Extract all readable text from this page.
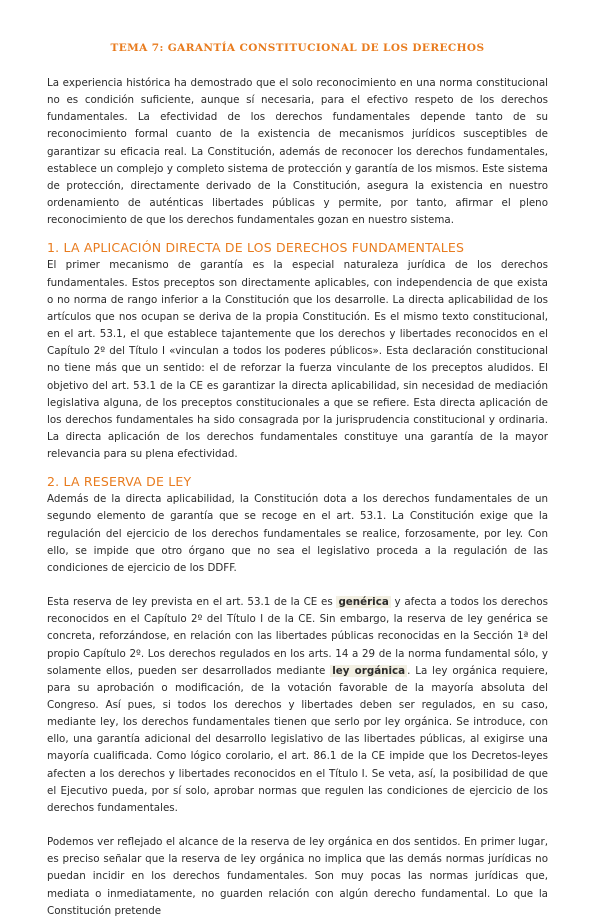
TEMA 7: GARANTÍA CONSTITUCIONAL DE LOS DERECHOS

La experiencia histórica ha demostrado que el solo reconocimiento en una norma constitucional no es condición suficiente, aunque sí necesaria, para el efectivo respeto de los derechos fundamentales. La efectividad de los derechos fundamentales depende tanto de su reconocimiento formal cuanto de la existencia de mecanismos jurídicos susceptibles de garantizar su eficacia real. La Constitución, además de reconocer los derechos fundamentales, establece un complejo y completo sistema de protección y garantía de los mismos. Este sistema de protección, directamente derivado de la Constitución, asegura la existencia en nuestro ordenamiento de auténticas libertades públicas y permite, por tanto, afirmar el pleno reconocimiento de que los derechos fundamentales gozan en nuestro sistema.

1. LA APLICACIÓN DIRECTA DE LOS DERECHOS FUNDAMENTALES

El primer mecanismo de garantía es la especial naturaleza jurídica de los derechos fundamentales. Estos preceptos son directamente aplicables, con independencia de que exista o no norma de rango inferior a la Constitución que los desarrolle. La directa aplicabilidad de los artículos que nos ocupan se deriva de la propia Constitución. Es el mismo texto constitucional, en el art. 53.1, el que establece tajantemente que los derechos y libertades reconocidos en el Capítulo 2º del Título I «vinculan a todos los poderes públicos». Esta declaración constitucional no tiene más que un sentido: el de reforzar la fuerza vinculante de los preceptos aludidos. El objetivo del art. 53.1 de la CE es garantizar la directa aplicabilidad, sin necesidad de mediación legislativa alguna, de los preceptos constitucionales a que se refiere. Esta directa aplicación de los derechos fundamentales ha sido consagrada por la jurisprudencia constitucional y ordinaria. La directa aplicación de los derechos fundamentales constituye una garantía de la mayor relevancia para su plena efectividad.

2. LA RESERVA DE LEY

Además de la directa aplicabilidad, la Constitución dota a los derechos fundamentales de un segundo elemento de garantía que se recoge en el art. 53.1. La Constitución exige que la regulación del ejercicio de los derechos fundamentales se realice, forzosamente, por ley. Con ello, se impide que otro órgano que no sea el legislativo proceda a la regulación de las condiciones de ejercicio de los DDFF.

Esta reserva de ley prevista en el art. 53.1 de la CE es genérica y afecta a todos los derechos reconocidos en el Capítulo 2º del Título I de la CE. Sin embargo, la reserva de ley genérica se concreta, reforzándose, en relación con las libertades públicas reconocidas en la Sección 1ª del propio Capítulo 2º. Los derechos regulados en los arts. 14 a 29 de la norma fundamental sólo, y solamente ellos, pueden ser desarrollados mediante ley orgánica . La ley orgánica requiere, para su aprobación o modificación, de la votación favorable de la mayoría absoluta del Congreso. Así pues, si todos los derechos y libertades deben ser regulados, en su caso, mediante ley, los derechos fundamentales tienen que serlo por ley orgánica. Se introduce, con ello, una garantía adicional del desarrollo legislativo de las libertades públicas, al exigirse una mayoría cualificada. Como lógico corolario, el art. 86.1 de la CE impide que los Decretos-leyes afecten a los derechos y libertades reconocidos en el Título I. Se veta, así, la posibilidad de que el Ejecutivo pueda, por sí solo, aprobar normas que regulen las condiciones de ejercicio de los derechos fundamentales.

Podemos ver reflejado el alcance de la reserva de ley orgánica en dos sentidos. En primer lugar, es preciso señalar que la reserva de ley orgánica no implica que las demás normas jurídicas no puedan incidir en los derechos fundamentales. Son muy pocas las normas jurídicas que, mediata o inmediatamente, no guarden relación con algún derecho fundamental. Lo que la Constitución pretende
